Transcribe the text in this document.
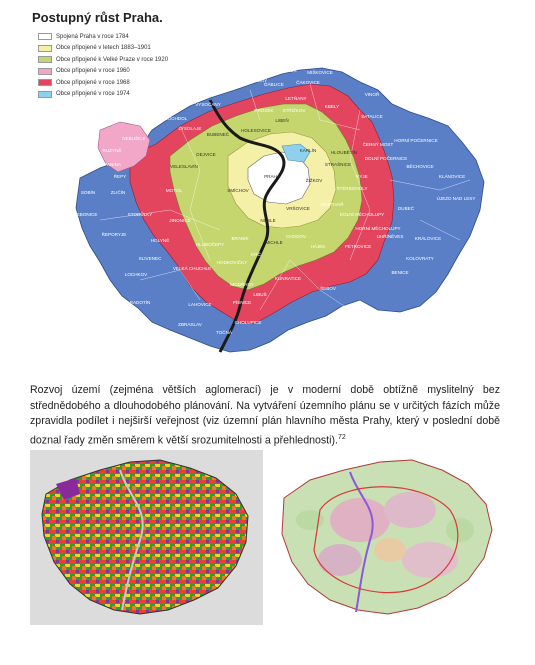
Postupný růst Praha.
Spojená Praha v roce 1784
Obce připojené v letech 1883–1901
Obce připojené k Velké Praze v roce 1920
Obce připojené v roce 1960
Obce připojené v roce 1968
Obce připojené v roce 1974
BŘEZINEVES
DOLNÍ CHABRY
ĎÁBLICE	ČAKOVICE
MIŠKOVICE
VINOŘ
SUCHDOL
VYSOČANY
LETŇANY
KBELY
NEBUŠICE
SATALICE
RUZYNĚ
BUBENEČ
LIBEŇ
HORNÍ POČERNICE
ŘEPY
ZLIČÍN
DOLNÍ POČERNICE
SOBÍN
BĚCHOVICE
KLÁNOVICE
TŘEBONICE	STODŮLKY
ÚJEZD NAD LESY
ŘEPORYJE
HOLYNĚ
STRAŠNICE
DUBEČ
KOLOVRATY
SLIVENEC
CHODOV
HÁJEK
UHŘÍNĚVES KRÁLOVICE
LOCHKOV
KUNRATICE
ŠEBOV
BENICE
RADOTÍN
MODŘANY
LIPENCE
ZBRASLAV
LAHOVICE
TOČNÁ
CHOLUPICE
PRAHA
KARLÍN
SMÍCHOV
VRŠOVICE
NUSLE
HOSTIVAŘ
PETROVICE
KYJE
HLOUBĚTÍN
PROSEK STŘÍŽKOV
VELESLAVÍN
ŽIŽKOV
MICHLE
KRČ
BRANÍK
HODKOVIČKY
VELKÁ CHUCHLE
MOTOL
JINONICE
HLUBOČEPY
PÍSNICE
LIBUŠ
ŠTĚRBOHOLY
DOLNÍ MĚCHOLUPY
HORNÍ MĚCHOLUPY
ČERNÝ MOST
PŘEDNÍ KOPANINA
HOLESOVICE
LYSOLAJE
DEJVICE
Rozvoj území (zejména větších aglomerací) je v moderní době obtížně myslitelný bez střednědobého a dlouhodobého plánování. Na vytváření územního plánu se v určitých fázích může zpravidla podílet i nejširší veřejnost (viz územní plán hlavního města Prahy, který v poslední době doznal řady změn směrem k větší srozumitelnosti a přehlednosti).$^{72}$
